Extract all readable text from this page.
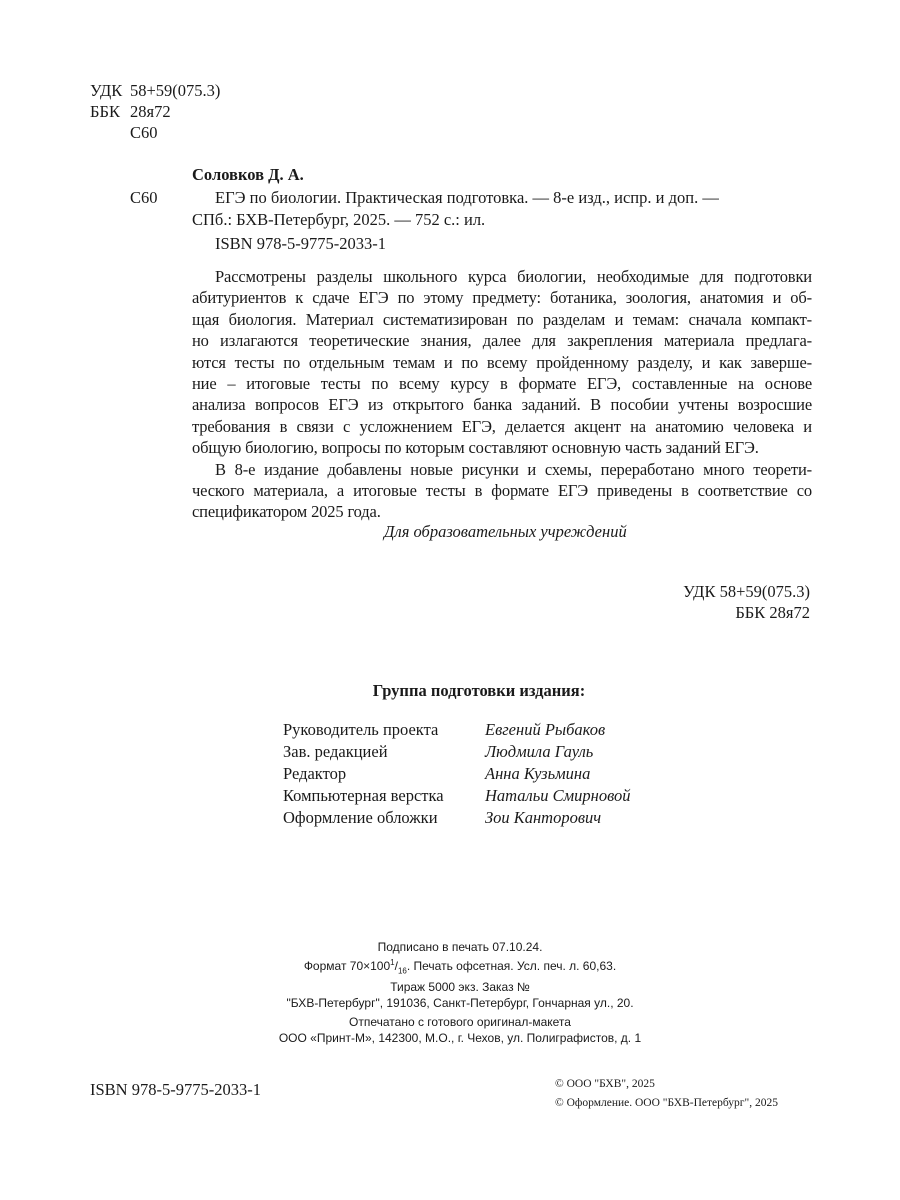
УДК 58+59(075.3)
ББК 28я72
С60
Соловков Д. А.
С60	ЕГЭ по биологии. Практическая подготовка. — 8-е изд., испр. и доп. —
СПб.: БХВ-Петербург, 2025. — 752 с.: ил.
ISBN 978-5-9775-2033-1
Рассмотрены разделы школьного курса биологии, необходимые для подготовки
абитуриентов к сдаче ЕГЭ по этому предмету: ботаника, зоология, анатомия и об-
щая биология. Материал систематизирован по разделам и темам: сначала компакт-
но излагаются теоретические знания, далее для закрепления материала предлага-
ются тесты по отдельным темам и по всему пройденному разделу, и как заверше-
ние – итоговые тесты по всему курсу в формате ЕГЭ, составленные на основе
анализа вопросов ЕГЭ из открытого банка заданий. В пособии учтены возросшие
требования в связи с усложнением ЕГЭ, делается акцент на анатомию человека и
общую биологию, вопросы по которым составляют основную часть заданий ЕГЭ.
В 8-е издание добавлены новые рисунки и схемы, переработано много теорети-
ческого материала, а итоговые тесты в формате ЕГЭ приведены в соответствие со
спецификатором 2025 года.
Для образовательных учреждений
УДК 58+59(075.3)
ББК 28я72
Группа подготовки издания:
Руководитель проекта	Евгений Рыбаков
Зав. редакцией	Людмила Гауль
Редактор	Анна Кузьмина
Компьютерная верстка	Натальи Смирновой
Оформление обложки	Зои Канторович
Подписано в печать 07.10.24.
Формат $70\times 100^1/_{16}$. Печать офсетная. Усл. печ. л. 60,63.
Тираж 5000 экз. Заказ №
"БХВ-Петербург", 191036, Санкт-Петербург, Гончарная ул., 20.
Отпечатано с готового оригинал-макета
ООО «Принт-М», 142300, М.О., г. Чехов, ул. Полиграфистов, д. 1
ISBN 978-5-9775-2033-1	© ООО "БХВ", 2025
© Оформление. ООО "БХВ-Петербург", 2025
